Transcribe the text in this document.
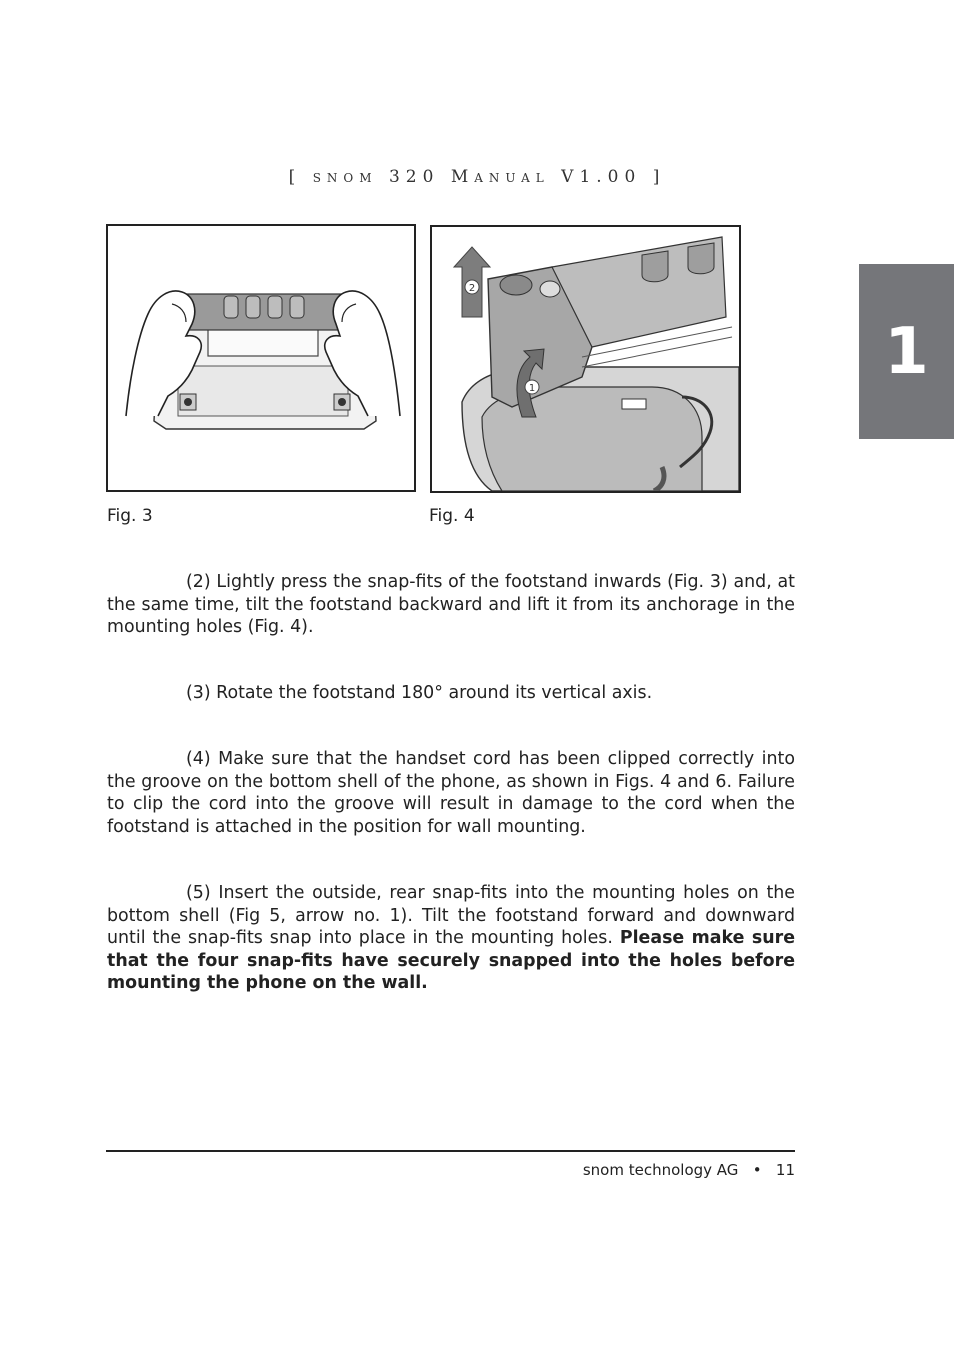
[ snom 320 Manual V1.00 ]
1
2
1
Fig. 3	Fig. 4

(2) Lightly press the snap-fits of the footstand inwards (Fig. 3) and, at the same time, tilt the footstand backward and lift it from its anchorage in the mounting holes (Fig. 4).

(3) Rotate the footstand 180° around its vertical axis.

(4) Make sure that the handset cord has been clipped correctly into the groove on the bottom shell of the phone, as shown in Figs. 4 and 6. Failure to clip the cord into the groove will result in damage to the cord when the footstand is attached in the position for wall mounting.

(5) Insert the outside, rear snap-fits into the mounting holes on the bottom shell (Fig 5, arrow no. 1). Tilt the footstand forward and downward until the snap-fits snap into place in the mounting holes. Please make sure that the four snap-fits have securely snapped into the holes before mounting the phone on the wall.

snom technology AG • 11
